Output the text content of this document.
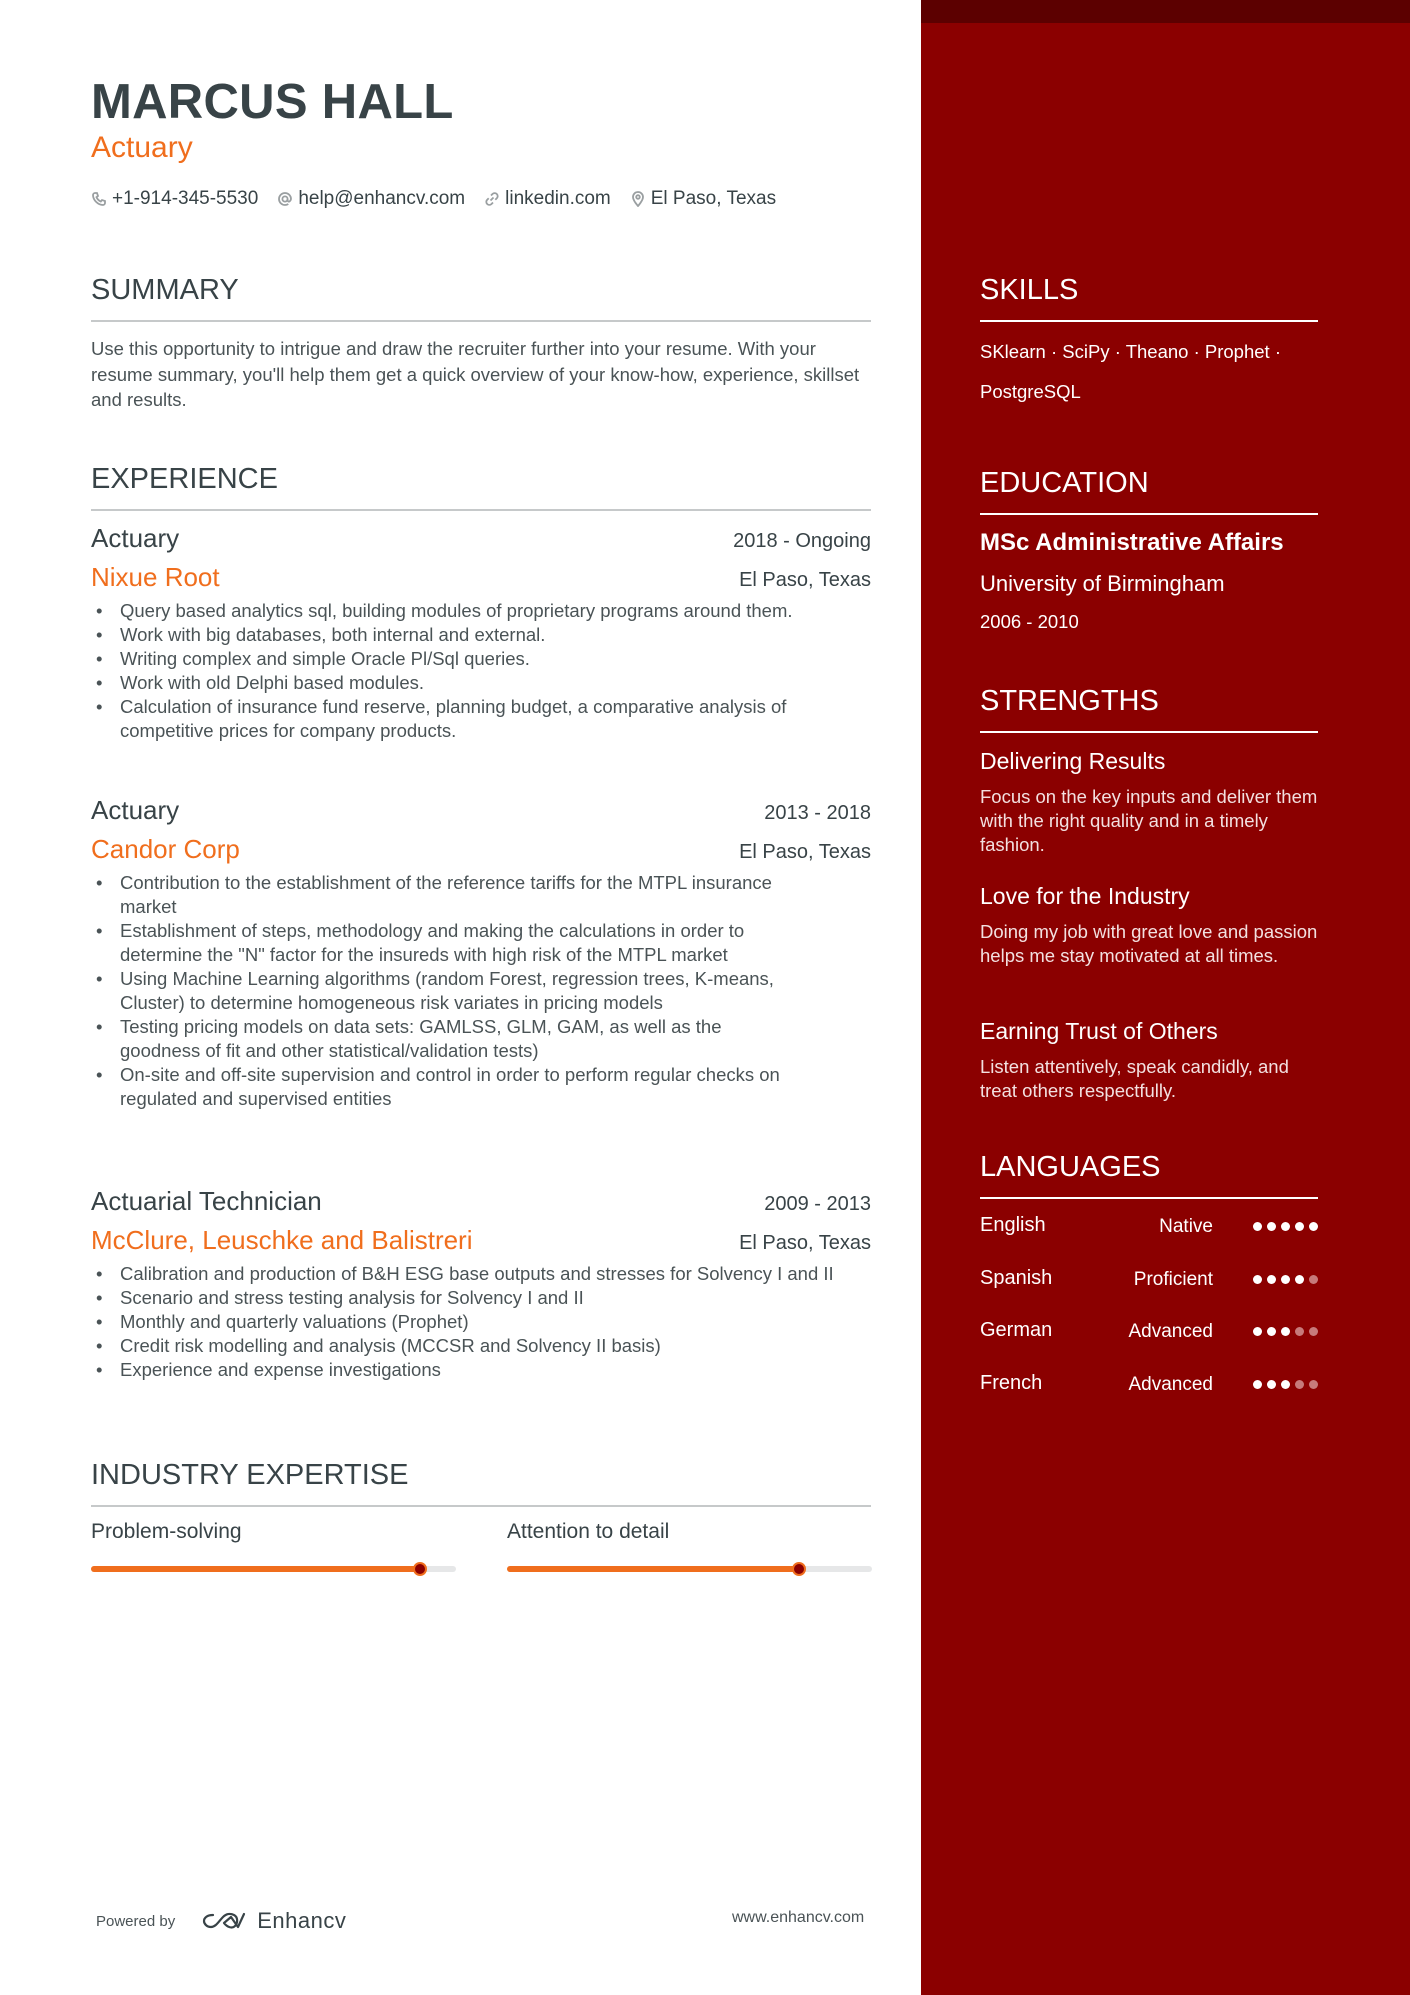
MARCUS HALL
Actuary
+1-914-345-5530 help@enhancv.com linkedin.com El Paso, Texas
SUMMARY

Use this opportunity to intrigue and draw the recruiter further into your resume. With your resume summary, you'll help them get a quick overview of your know-how, experience, skillset and results.

EXPERIENCE
Actuary	2018 - Ongoing
Nixue Root	El Paso, Texas
• Query based analytics sql, building modules of proprietary programs around them.
• Work with big databases, both internal and external.
• Writing complex and simple Oracle Pl/Sql queries.
• Work with old Delphi based modules.
• Calculation of insurance fund reserve, planning budget, a comparative analysis of competitive prices for company products.
Actuary	2013 - 2018
Candor Corp	El Paso, Texas
• Contribution to the establishment of the reference tariffs for the MTPL insurance market
• Establishment of steps, methodology and making the calculations in order to determine the "N" factor for the insureds with high risk of the MTPL market
• Using Machine Learning algorithms (random Forest, regression trees, K-means, Cluster) to determine homogeneous risk variates in pricing models
• Testing pricing models on data sets: GAMLSS, GLM, GAM, as well as the goodness of fit and other statistical/validation tests)
• On-site and off-site supervision and control in order to perform regular checks on regulated and supervised entities
Actuarial Technician	2009 - 2013
McClure, Leuschke and Balistreri	El Paso, Texas
• Calibration and production of B&H ESG base outputs and stresses for Solvency I and II
• Scenario and stress testing analysis for Solvency I and II
• Monthly and quarterly valuations (Prophet)
• Credit risk modelling and analysis (MCCSR and Solvency II basis)
• Experience and expense investigations
INDUSTRY EXPERTISE
Problem-solving	Attention to detail
Powered by	Enhancv	www.enhancv.com
SKILLS
SKlearn · SciPy · Theano · Prophet · PostgreSQL
EDUCATION
MSc Administrative Affairs
University of Birmingham
2006 - 2010
STRENGTHS
Delivering Results
Focus on the key inputs and deliver them with the right quality and in a timely fashion.
Love for the Industry
Doing my job with great love and passion helps me stay motivated at all times.
Earning Trust of Others
Listen attentively, speak candidly, and treat others respectfully.
LANGUAGES
English	Native
Spanish	Proficient
German	Advanced
French	Advanced
